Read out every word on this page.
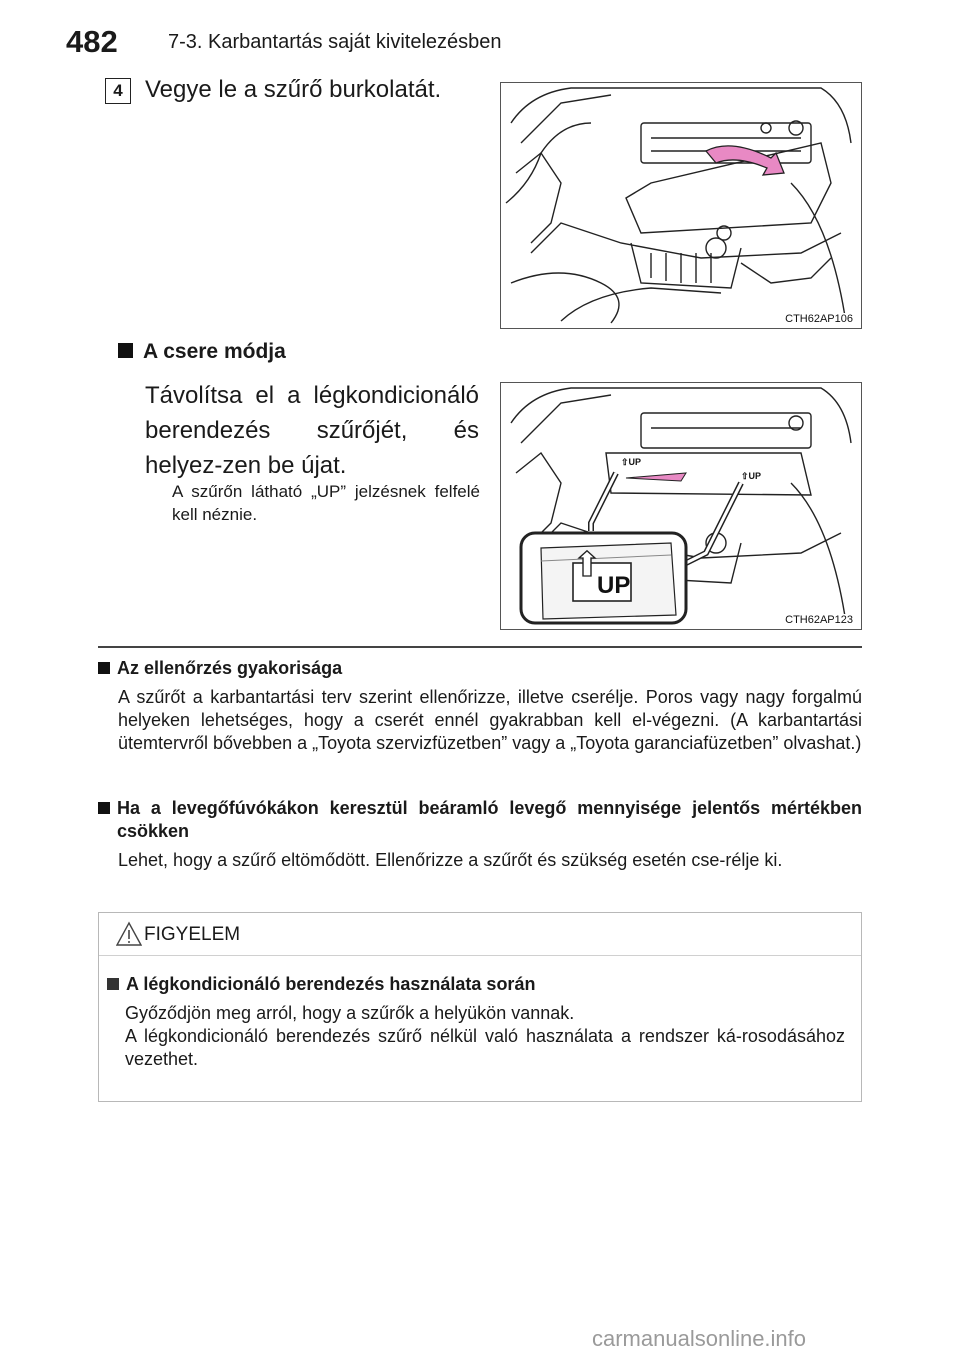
482	7-3. Karbantartás saját kivitelezésben
4 Vegye le a szűrő burkolatát.
CTH62AP106
A csere módja
Távolítsa el a légkondicionáló berendezés szűrőjét, és helyez-zen be újat.
A szűrőn látható „UP” jelzésnek felfelé kell néznie.
⇧UP
⇧UP
UP
CTH62AP123
Az ellenőrzés gyakorisága
A szűrőt a karbantartási terv szerint ellenőrizze, illetve cserélje. Poros vagy nagy forgalmú helyeken lehetséges, hogy a cserét ennél gyakrabban kell el-végezni. (A karbantartási ütemtervről bővebben a „Toyota szervizfüzetben” vagy a „Toyota garanciafüzetben” olvashat.)
Ha a levegőfúvókákon keresztül beáramló levegő mennyisége jelentős mértékben csökken
Lehet, hogy a szűrő eltömődött. Ellenőrizze a szűrőt és szükség esetén cse-rélje ki.
FIGYELEM
A légkondicionáló berendezés használata során
Győződjön meg arról, hogy a szűrők a helyükön vannak.
A légkondicionáló berendezés szűrő nélkül való használata a rendszer ká-rosodásához vezethet.
carmanualsonline.info
